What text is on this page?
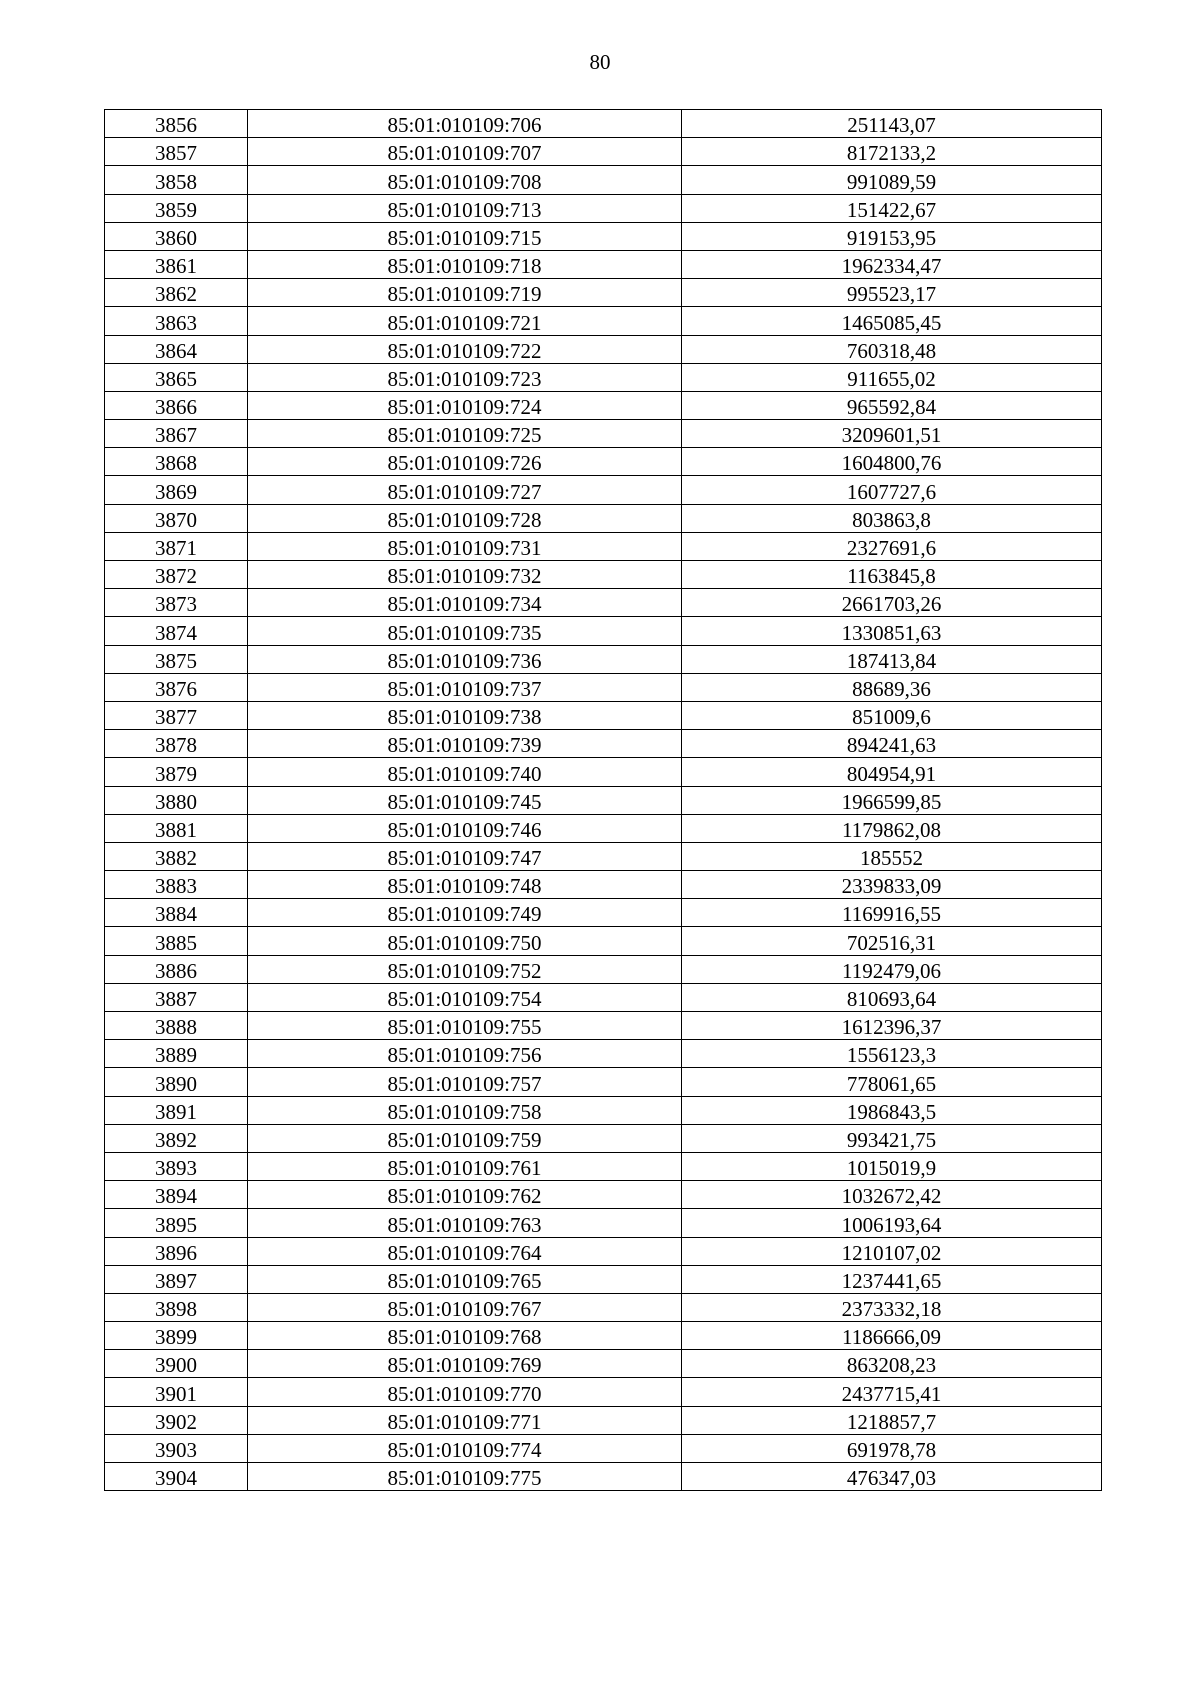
80
3856	85:01:010109:706	251143,07
3857	85:01:010109:707	8172133,2
3858	85:01:010109:708	991089,59
3859	85:01:010109:713	151422,67
3860	85:01:010109:715	919153,95
3861	85:01:010109:718	1962334,47
3862	85:01:010109:719	995523,17
3863	85:01:010109:721	1465085,45
3864	85:01:010109:722	760318,48
3865	85:01:010109:723	911655,02
3866	85:01:010109:724	965592,84
3867	85:01:010109:725	3209601,51
3868	85:01:010109:726	1604800,76
3869	85:01:010109:727	1607727,6
3870	85:01:010109:728	803863,8
3871	85:01:010109:731	2327691,6
3872	85:01:010109:732	1163845,8
3873	85:01:010109:734	2661703,26
3874	85:01:010109:735	1330851,63
3875	85:01:010109:736	187413,84
3876	85:01:010109:737	88689,36
3877	85:01:010109:738	851009,6
3878	85:01:010109:739	894241,63
3879	85:01:010109:740	804954,91
3880	85:01:010109:745	1966599,85
3881	85:01:010109:746	1179862,08
3882	85:01:010109:747	185552
3883	85:01:010109:748	2339833,09
3884	85:01:010109:749	1169916,55
3885	85:01:010109:750	702516,31
3886	85:01:010109:752	1192479,06
3887	85:01:010109:754	810693,64
3888	85:01:010109:755	1612396,37
3889	85:01:010109:756	1556123,3
3890	85:01:010109:757	778061,65
3891	85:01:010109:758	1986843,5
3892	85:01:010109:759	993421,75
3893	85:01:010109:761	1015019,9
3894	85:01:010109:762	1032672,42
3895	85:01:010109:763	1006193,64
3896	85:01:010109:764	1210107,02
3897	85:01:010109:765	1237441,65
3898	85:01:010109:767	2373332,18
3899	85:01:010109:768	1186666,09
3900	85:01:010109:769	863208,23
3901	85:01:010109:770	2437715,41
3902	85:01:010109:771	1218857,7
3903	85:01:010109:774	691978,78
3904	85:01:010109:775	476347,03
